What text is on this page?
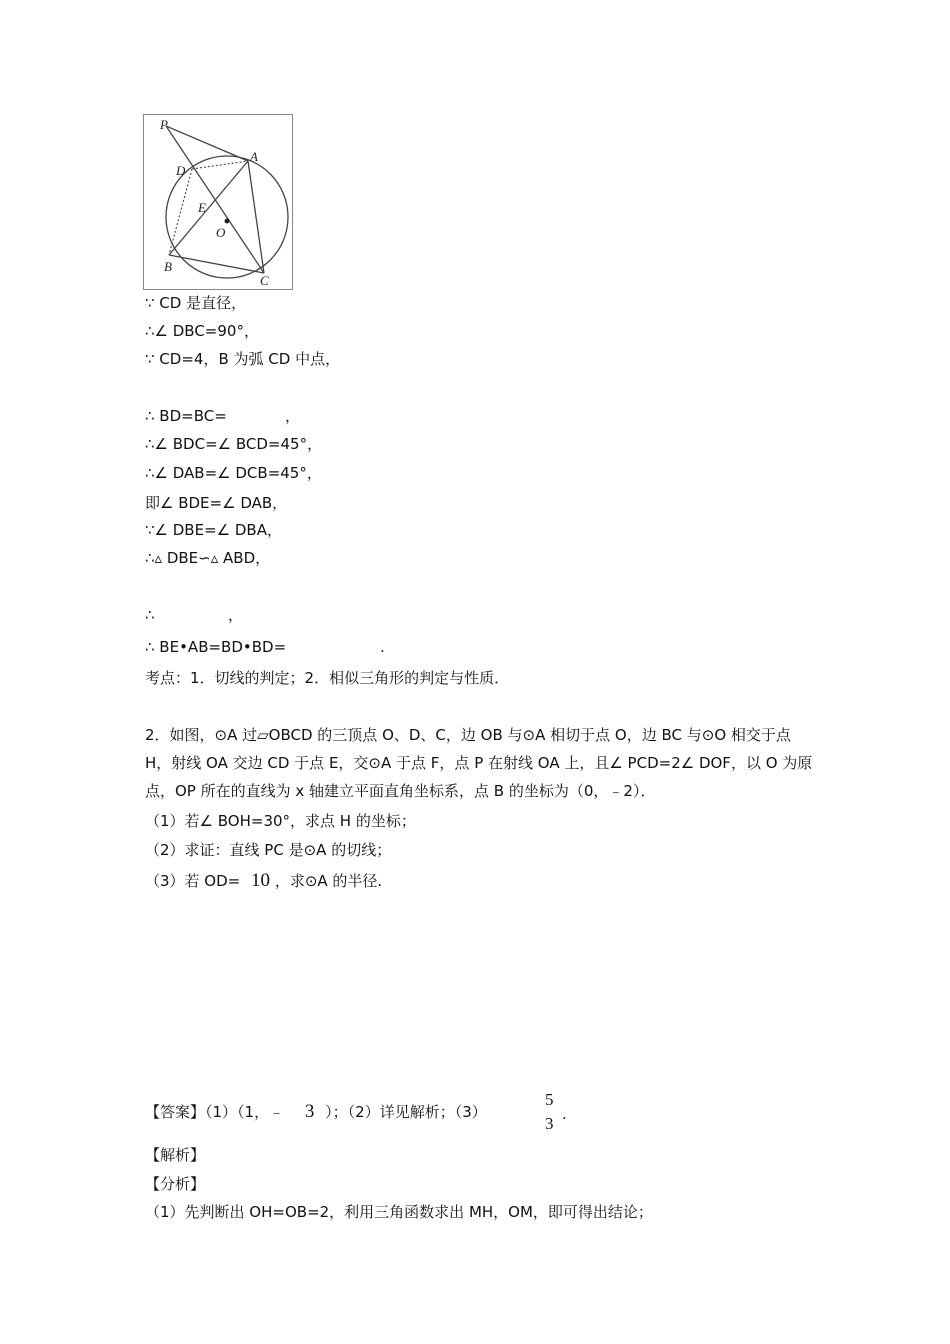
P
A
D
E
O
B
C
∵ CD 是直径，
∴∠ DBC=90°，
∵ CD=4，B 为弧 CD 中点，
∴ BD=BC=	，
∴∠ BDC=∠ BCD=45°，
∴∠ DAB=∠ DCB=45°，
即∠ BDE=∠ DAB，
∵∠ DBE=∠ DBA，
∴▵ DBE∽▵ ABD，
∴	，
∴ BE•AB=BD•BD=	.
考点：1．切线的判定；2．相似三角形的判定与性质．
2．如图，⊙A 过▱OBCD 的三顶点 O、D、C，边 OB 与⊙A 相切于点 O，边 BC 与⊙O 相交于点 H，射线 OA 交边 CD 于点 E，交⊙A 于点 F，点 P 在射线 OA 上，且∠ PCD=2∠ DOF，以 O 为原点，OP 所在的直线为 x 轴建立平面直角坐标系，点 B 的坐标为（0，﹣2）．
（1）若∠ BOH=30°，求点 H 的坐标；
（2）求证：直线 PC 是⊙A 的切线；
（3）若 OD= 10 ，求⊙A 的半径.
【答案】（1）（1，﹣ 3 ）；（2）详见解析；（3）
5
3 .
【解析】
【分析】
（1）先判断出 OH=OB=2，利用三角函数求出 MH，OM，即可得出结论；
